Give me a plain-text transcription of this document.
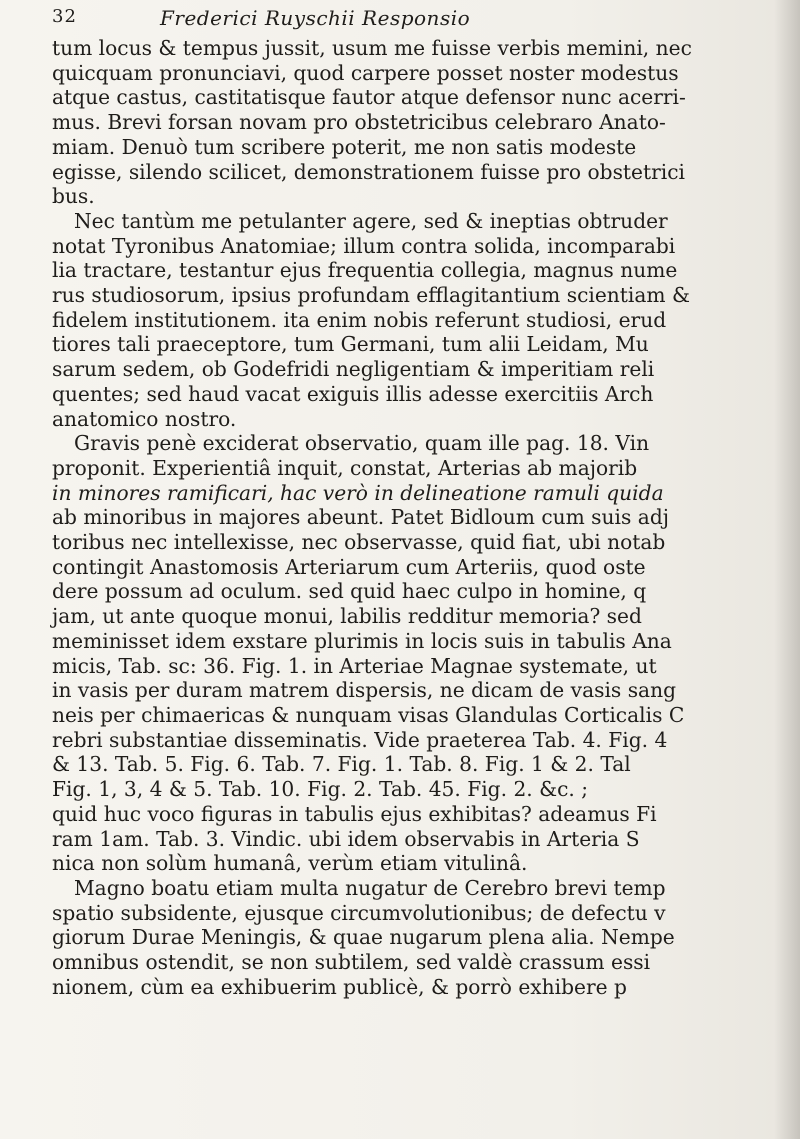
32	Frederici Ruyschii Responsio

tum locus & tempus jussit, usum me fuisse verbis memini, nec

quicquam pronunciavi, quod carpere posset noster modestus

atque castus, castitatisque fautor atque defensor nunc acerri-

mus. Brevi forsan novam pro obstetricibus celebraro Anato-

miam. Denuò tum scribere poterit, me non satis modeste

egisse, silendo scilicet, demonstrationem fuisse pro obstetrici

bus.

Nec tantùm me petulanter agere, sed & ineptias obtruder

notat Tyronibus Anatomiae; illum contra solida, incomparabi

lia tractare, testantur ejus frequentia collegia, magnus nume

rus studiosorum, ipsius profundam efflagitantium scientiam &

fidelem institutionem. ita enim nobis referunt studiosi, erud

tiores tali praeceptore, tum Germani, tum alii Leidam, Mu

sarum sedem, ob Godefridi negligentiam & imperitiam reli

quentes; sed haud vacat exiguis illis adesse exercitiis Arch

anatomico nostro.

Gravis penè exciderat observatio, quam ille pag. 18. Vin

proponit. Experientiâ inquit, constat, Arterias ab majorib

in minores ramificari, hac verò in delineatione ramuli quida

ab minoribus in majores abeunt. Patet Bidloum cum suis adj

toribus nec intellexisse, nec observasse, quid fiat, ubi notab

contingit Anastomosis Arteriarum cum Arteriis, quod oste

dere possum ad oculum. sed quid haec culpo in homine, q

jam, ut ante quoque monui, labilis redditur memoria? sed

meminisset idem exstare plurimis in locis suis in tabulis Ana

micis, Tab. sc: 36. Fig. 1. in Arteriae Magnae systemate, ut

in vasis per duram matrem dispersis, ne dicam de vasis sang

neis per chimaericas & nunquam visas Glandulas Corticalis C

rebri substantiae disseminatis. Vide praeterea Tab. 4. Fig. 4

& 13. Tab. 5. Fig. 6. Tab. 7. Fig. 1. Tab. 8. Fig. 1 & 2. Tal

Fig. 1, 3, 4 & 5. Tab. 10. Fig. 2. Tab. 45. Fig. 2. &c. ;

quid huc voco figuras in tabulis ejus exhibitas? adeamus Fi

ram 1am. Tab. 3. Vindic. ubi idem observabis in Arteria S

nica non solùm humanâ, verùm etiam vitulinâ.

Magno boatu etiam multa nugatur de Cerebro brevi temp

spatio subsidente, ejusque circumvolutionibus; de defectu v

giorum Durae Meningis, & quae nugarum plena alia. Nempe

omnibus ostendit, se non subtilem, sed valdè crassum essi

nionem, cùm ea exhibuerim publicè, & porrò exhibere p
